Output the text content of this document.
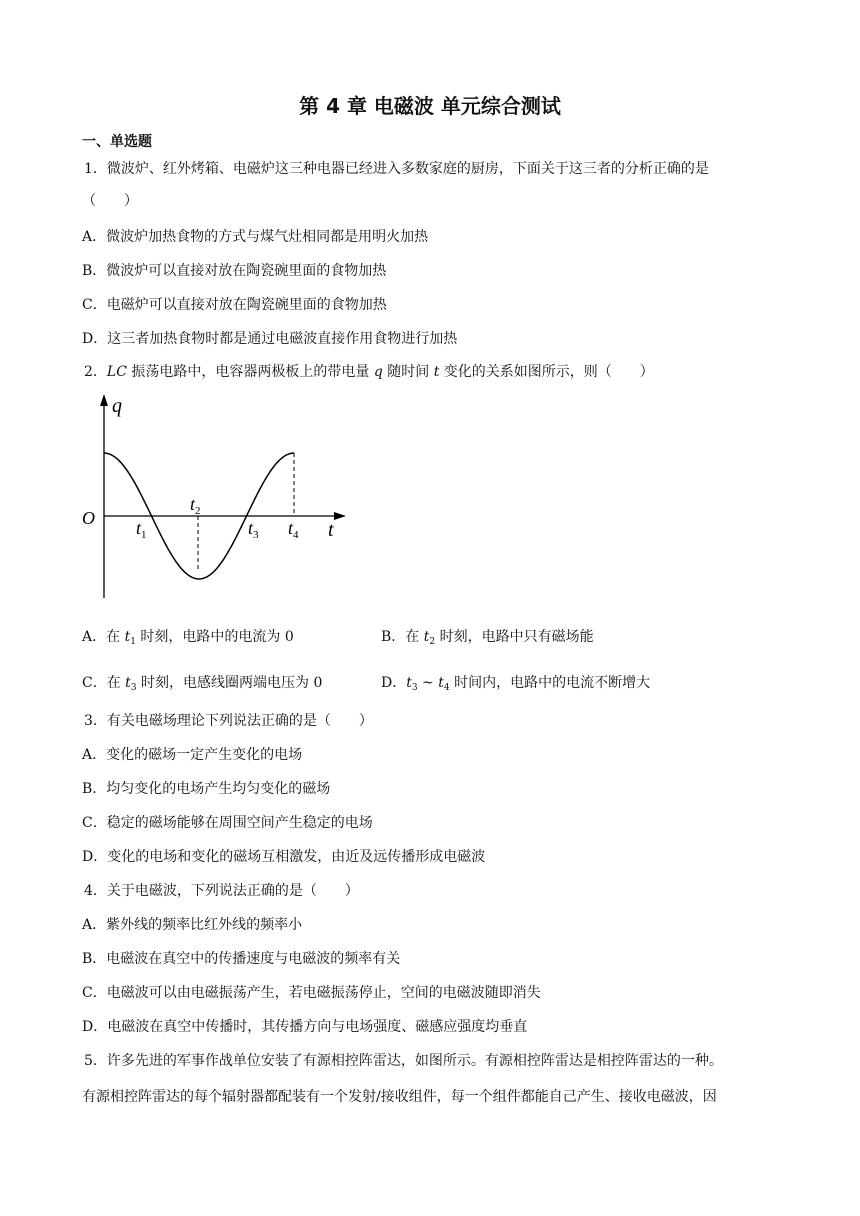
第 4 章 电磁波 单元综合测试
一、单选题
1．微波炉、红外烤箱、电磁炉这三种电器已经进入多数家庭的厨房，下面关于这三者的分析正确的是
（　　）
A．微波炉加热食物的方式与煤气灶相同都是用明火加热
B．微波炉可以直接对放在陶瓷碗里面的食物加热
C．电磁炉可以直接对放在陶瓷碗里面的食物加热
D．这三者加热食物时都是通过电磁波直接作用食物进行加热
2．LC 振荡电路中，电容器两极板上的带电量 q 随时间 t 变化的关系如图所示，则（　　）
q
t
O $t_1$
$t_2$
$t_3$ $t_4$
A．在 $t_1$ 时刻，电路中的电流为 0	B．在 $t_2$ 时刻，电路中只有磁场能
C．在 $t_3$ 时刻，电感线圈两端电压为 0	D．$t_3$ ~ $t_4$ 时间内，电路中的电流不断增大
3．有关电磁场理论下列说法正确的是（　　）
A．变化的磁场一定产生变化的电场
B．均匀变化的电场产生均匀变化的磁场
C．稳定的磁场能够在周围空间产生稳定的电场
D．变化的电场和变化的磁场互相激发，由近及远传播形成电磁波
4．关于电磁波，下列说法正确的是（　　）
A．紫外线的频率比红外线的频率小
B．电磁波在真空中的传播速度与电磁波的频率有关
C．电磁波可以由电磁振荡产生，若电磁振荡停止，空间的电磁波随即消失
D．电磁波在真空中传播时，其传播方向与电场强度、磁感应强度均垂直
5．许多先进的军事作战单位安装了有源相控阵雷达，如图所示。有源相控阵雷达是相控阵雷达的一种。
有源相控阵雷达的每个辐射器都配装有一个发射/接收组件，每一个组件都能自己产生、接收电磁波，因
